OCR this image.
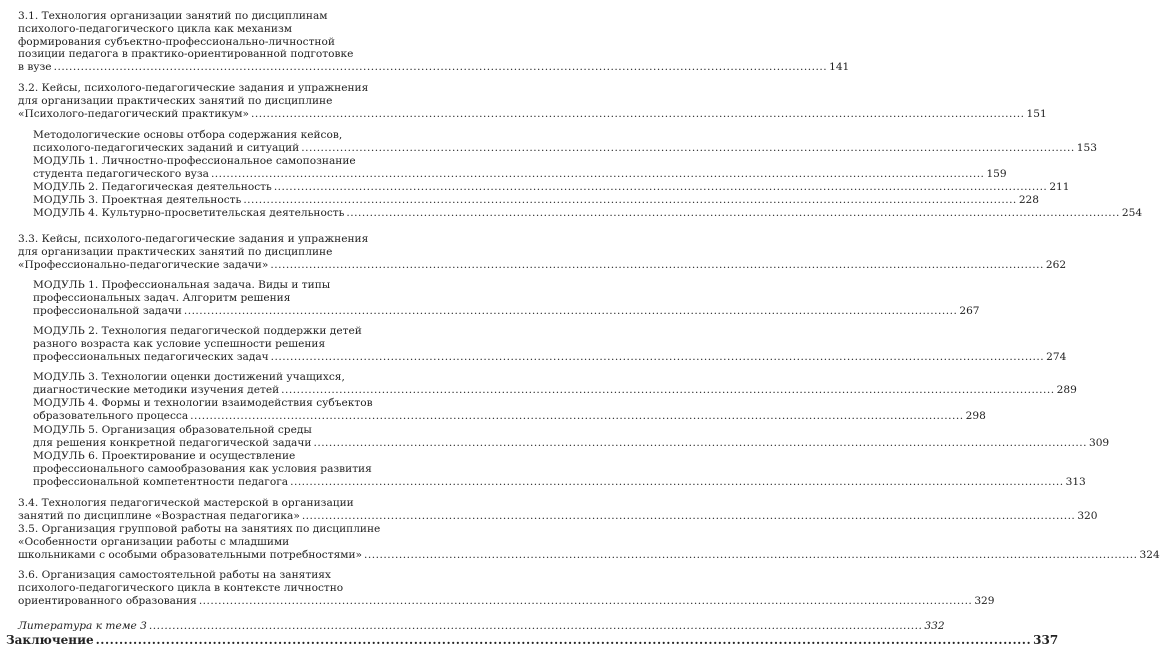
3.1. Технология организации занятий по дисциплинам
психолого-педагогического цикла как механизм
формирования субъектно-профессионально-личностной
позиции педагога в практико-ориентированной подготовке
в вузе ........................................................................................................................................................................................................ 141
3.2. Кейсы, психолого-педагогические задания и упражнения
для организации практических занятий по дисциплине
«Психолого-педагогический практикум» ........................................................................................................................................................................................................ 151
Методологические основы отбора содержания кейсов,
психолого-педагогических заданий и ситуаций ........................................................................................................................................................................................................ 153
МОДУЛЬ 1. Личностно-профессиональное самопознание
студента педагогического вуза ........................................................................................................................................................................................................ 159
МОДУЛЬ 2. Педагогическая деятельность ........................................................................................................................................................................................................ 211
МОДУЛЬ 3. Проектная деятельность ........................................................................................................................................................................................................ 228
МОДУЛЬ 4. Культурно-просветительская деятельность ........................................................................................................................................................................................................ 254
3.3. Кейсы, психолого-педагогические задания и упражнения
для организации практических занятий по дисциплине
«Профессионально-педагогические задачи» ........................................................................................................................................................................................................ 262
МОДУЛЬ 1. Профессиональная задача. Виды и типы
профессиональных задач. Алгоритм решения
профессиональной задачи ........................................................................................................................................................................................................ 267
МОДУЛЬ 2. Технология педагогической поддержки детей
разного возраста как условие успешности решения
профессиональных педагогических задач ........................................................................................................................................................................................................ 274
МОДУЛЬ 3. Технологии оценки достижений учащихся,
диагностические методики изучения детей ........................................................................................................................................................................................................ 289
МОДУЛЬ 4. Формы и технологии взаимодействия субъектов
образовательного процесса ........................................................................................................................................................................................................ 298
МОДУЛЬ 5. Организация образовательной среды
для решения конкретной педагогической задачи ........................................................................................................................................................................................................ 309
МОДУЛЬ 6. Проектирование и осуществление
профессионального самообразования как условия развития
профессиональной компетентности педагога ........................................................................................................................................................................................................ 313
3.4. Технология педагогической мастерской в организации
занятий по дисциплине «Возрастная педагогика» ........................................................................................................................................................................................................ 320
3.5. Организация групповой работы на занятиях по дисциплине
«Особенности организации работы с младшими
школьниками с особыми образовательными потребностями» ........................................................................................................................................................................................................ 324
3.6. Организация самостоятельной работы на занятиях
психолого-педагогического цикла в контексте личностно
ориентированного образования ........................................................................................................................................................................................................ 329
Литература к теме 3 ........................................................................................................................................................................................................ 332
Заключение ........................................................................................................................................................................................................ 337
